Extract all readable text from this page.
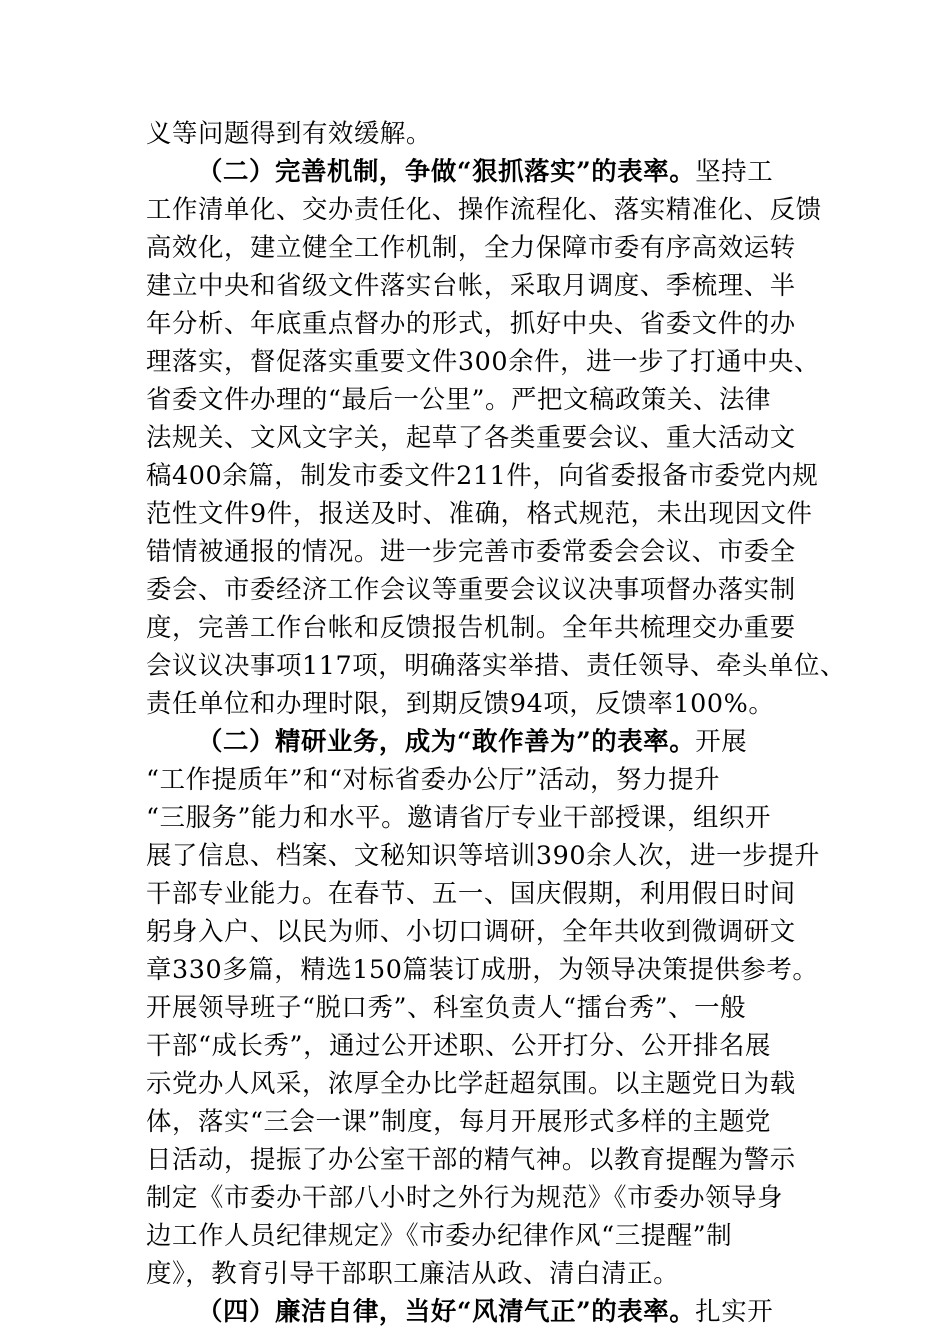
义等问题得到有效缓解。
（二）完善机制，争做“狠抓落实”的表率。坚持工
工作清单化、交办责任化、操作流程化、落实精准化、反馈
高效化，建立健全工作机制，全力保障市委有序高效运转
建立中央和省级文件落实台帐，采取月调度、季梳理、半
年分析、年底重点督办的形式，抓好中央、省委文件的办
理落实，督促落实重要文件300余件，进一步了打通中央、
省委文件办理的“最后一公里”。严把文稿政策关、法律
法规关、文风文字关，起草了各类重要会议、重大活动文
稿400余篇，制发市委文件211件，向省委报备市委党内规
范性文件9件，报送及时、准确，格式规范，未出现因文件
错情被通报的情况。进一步完善市委常委会会议、市委全
委会、市委经济工作会议等重要会议议决事项督办落实制
度，完善工作台帐和反馈报告机制。全年共梳理交办重要
会议议决事项117项，明确落实举措、责任领导、牵头单位、
责任单位和办理时限，到期反馈94项，反馈率100%。
（二）精研业务，成为“敢作善为”的表率。开展
“工作提质年”和“对标省委办公厅”活动，努力提升
“三服务”能力和水平。邀请省厅专业干部授课，组织开
展了信息、档案、文秘知识等培训390余人次，进一步提升
干部专业能力。在春节、五一、国庆假期，利用假日时间
躬身入户、以民为师、小切口调研，全年共收到微调研文
章330多篇，精选150篇装订成册，为领导决策提供参考。
开展领导班子“脱口秀”、科室负责人“擂台秀”、一般
干部“成长秀”，通过公开述职、公开打分、公开排名展
示党办人风采，浓厚全办比学赶超氛围。以主题党日为载
体，落实“三会一课”制度，每月开展形式多样的主题党
日活动，提振了办公室干部的精气神。以教育提醒为警示
制定《市委办干部八小时之外行为规范》《市委办领导身
边工作人员纪律规定》《市委办纪律作风“三提醒”制
度》，教育引导干部职工廉洁从政、清白清正。
（四）廉洁自律，当好“风清气正”的表率。扎实开
